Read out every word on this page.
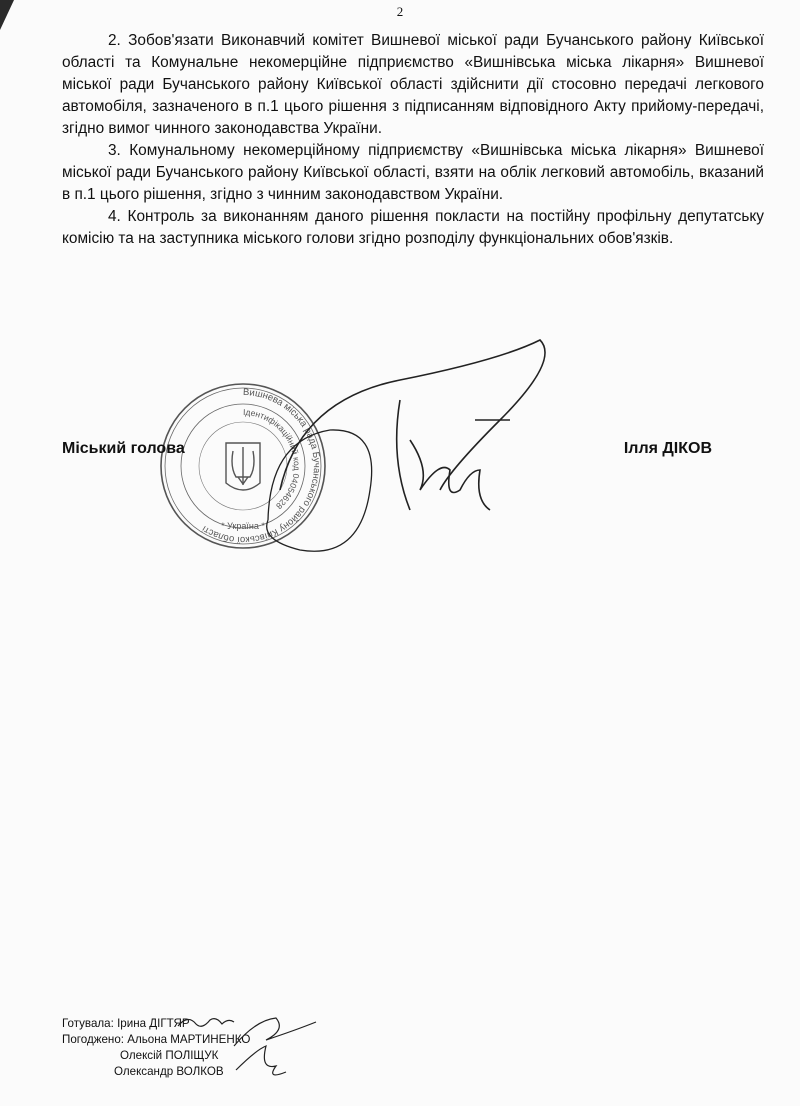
2

2. Зобов'язати Виконавчий комітет Вишневої міської ради Бучанського району Київської області та Комунальне некомерційне підприємство «Вишнівська міська лікарня» Вишневої міської ради Бучанського району Київської області здійснити дії стосовно передачі легкового автомобіля, зазначеного в п.1 цього рішення з підписанням відповідного Акту прийому-передачі, згідно вимог чинного законодавства України.

3. Комунальному некомерційному підприємству «Вишнівська міська лікарня» Вишневої міської ради Бучанського району Київської області, взяти на облік легковий автомобіль, вказаний в п.1 цього рішення, згідно з чинним законодавством України.

4. Контроль за виконанням даного рішення покласти на постійну профільну депутатську комісію та на заступника міського голови згідно розподілу функціональних обов'язків.

Вишнева міська рада Бучанського району Київської області
Ідентифікаційний код 04054628
* Україна *
Міський голова	Ілля ДІКОВ
Готувала: Ірина ДІГТЯР
Погоджено: Альона МАРТИНЕНКО
Олексій ПОЛІЩУК
Олександр ВОЛКОВ
